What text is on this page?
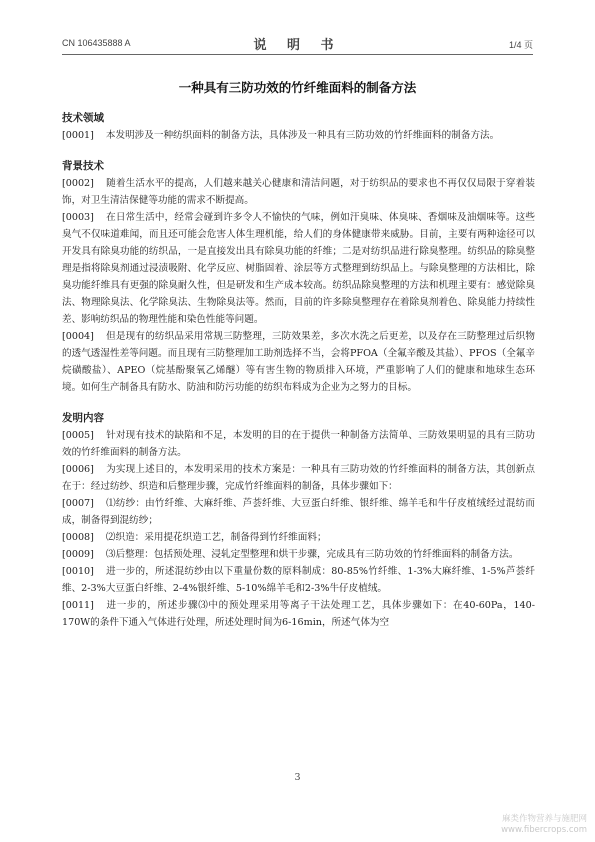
CN 106435888 A	说 明 书	1/4 页
一种具有三防功效的竹纤维面料的制备方法

技术领域

[0001] 本发明涉及一种纺织面料的制备方法，具体涉及一种具有三防功效的竹纤维面料的制备方法。

背景技术

[0002] 随着生活水平的提高，人们越来越关心健康和清洁问题，对于纺织品的要求也不再仅仅局限于穿着装饰，对卫生清洁保健等功能的需求不断提高。

[0003] 在日常生活中，经常会碰到许多令人不愉快的气味，例如汗臭味、体臭味、香烟味及油烟味等。这些臭气不仅味道难闻，而且还可能会危害人体生理机能，给人们的身体健康带来威胁。目前，主要有两种途径可以开发具有除臭功能的纺织品，一是直接发出具有除臭功能的纤维；二是对纺织品进行除臭整理。纺织品的除臭整理是指将除臭剂通过浸渍吸附、化学反应、树脂固着、涂层等方式整理到纺织品上。与除臭整理的方法相比，除臭功能纤维具有更强的除臭耐久性，但是研发和生产成本较高。纺织品除臭整理的方法和机理主要有：感觉除臭法、物理除臭法、化学除臭法、生物除臭法等。然而，目前的许多除臭整理存在着除臭剂着色、除臭能力持续性差、影响纺织品的物理性能和染色性能等问题。

[0004] 但是现有的纺织品采用常规三防整理，三防效果差，多次水洗之后更差，以及存在三防整理过后织物的透气透湿性差等问题。而且现有三防整理加工助剂选择不当，会将PFOA（全氟辛酸及其盐）、PFOS（全氟辛烷磺酸盐）、APEO（烷基酚聚氧乙烯醚）等有害生物的物质排入环境，严重影响了人们的健康和地球生态环境。如何生产制备具有防水、防油和防污功能的纺织布料成为企业为之努力的目标。

发明内容

[0005] 针对现有技术的缺陷和不足，本发明的目的在于提供一种制备方法简单、三防效果明显的具有三防功效的竹纤维面料的制备方法。

[0006] 为实现上述目的，本发明采用的技术方案是：一种具有三防功效的竹纤维面料的制备方法，其创新点在于：经过纺纱、织造和后整理步骤，完成竹纤维面料的制备，具体步骤如下：

[0007] ⑴纺纱：由竹纤维、大麻纤维、芦荟纤维、大豆蛋白纤维、银纤维、绵羊毛和牛仔皮植绒经过混纺而成，制备得到混纺纱；

[0008] ⑵织造：采用提花织造工艺，制备得到竹纤维面料；

[0009] ⑶后整理：包括预处理、浸轧定型整理和烘干步骤，完成具有三防功效的竹纤维面料的制备方法。

[0010] 进一步的，所述混纺纱由以下重量份数的原料制成：80-85%竹纤维、1-3%大麻纤维、1-5%芦荟纤维、2-3%大豆蛋白纤维、2-4%银纤维、5-10%绵羊毛和2-3%牛仔皮植绒。

[0011] 进一步的，所述步骤⑶中的预处理采用等离子干法处理工艺，具体步骤如下：在40-60Pa，140-170W的条件下通入气体进行处理，所述处理时间为6-16min，所述气体为空

3
麻类作物营养与施肥网
www.fibercrops.com
